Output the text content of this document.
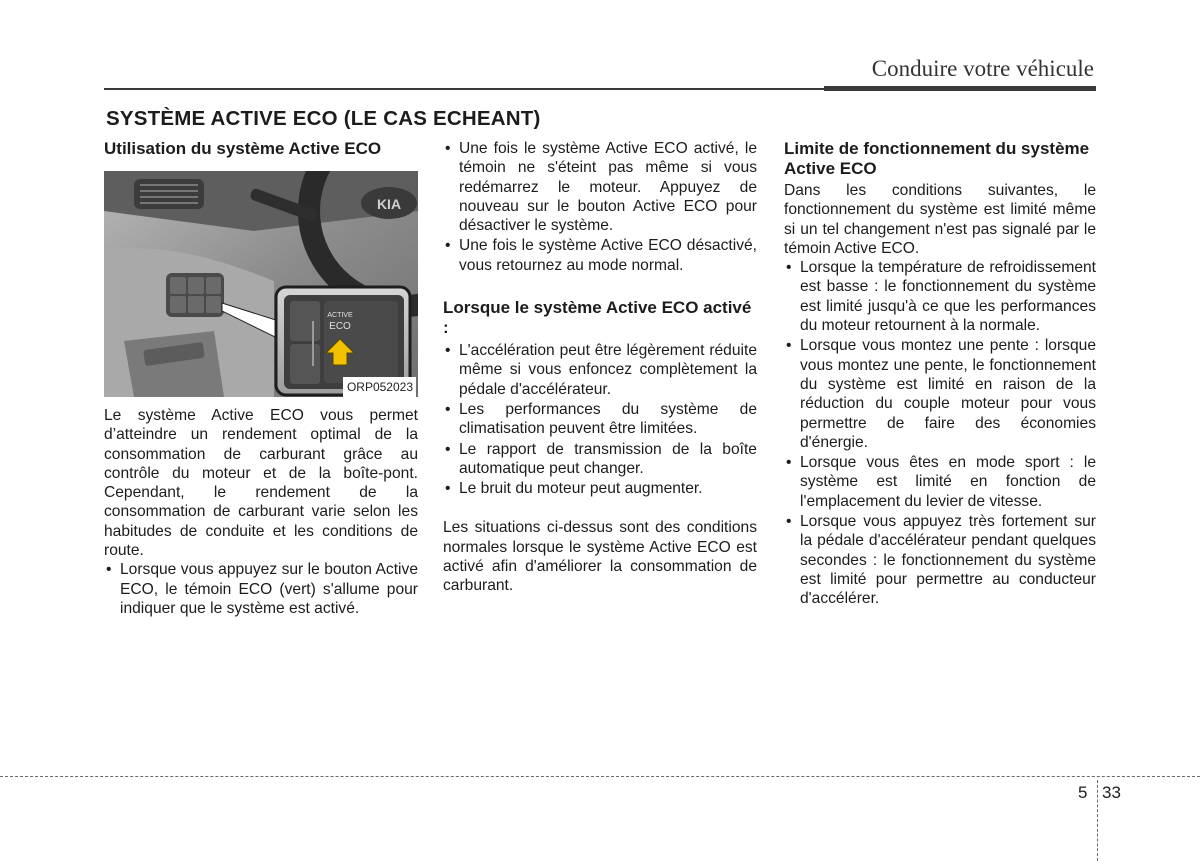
Conduire votre véhicule
SYSTÈME ACTIVE ECO (LE CAS ECHEANT)
Utilisation du système Active ECO
KIA
ACTIVE
ECO
ORP052023

Le système Active ECO vous permet d’atteindre un rendement optimal de la consommation de carburant grâce au contrôle du moteur et de la boîte-pont. Cependant, le rendement de la consommation de carburant varie selon les habitudes de conduite et les conditions de route.

• Lorsque vous appuyez sur le bouton Active ECO, le témoin ECO (vert) s'allume pour indiquer que le système est activé.
• Une fois le système Active ECO activé, le témoin ne s'éteint pas même si vous redémarrez le moteur. Appuyez de nouveau sur le bouton Active ECO pour désactiver le système.
• Une fois le système Active ECO désactivé, vous retournez au mode normal.
Lorsque le système Active ECO activé :
• L'accélération peut être légèrement réduite même si vous enfoncez complètement la pédale d'accélérateur.
• Les performances du système de climatisation peuvent être limitées.
• Le rapport de transmission de la boîte automatique peut changer.
• Le bruit du moteur peut augmenter.

Les situations ci-dessus sont des conditions normales lorsque le système Active ECO est activé afin d'améliorer la consommation de carburant.

Limite de fonctionnement du système Active ECO

Dans les conditions suivantes, le fonctionnement du système est limité même si un tel changement n'est pas signalé par le témoin Active ECO.

• Lorsque la température de refroidissement est basse : le fonctionnement du système est limité jusqu'à ce que les performances du moteur retournent à la normale.
• Lorsque vous montez une pente : lorsque vous montez une pente, le fonctionnement du système est limité en raison de la réduction du couple moteur pour vous permettre de faire des économies d'énergie.
• Lorsque vous êtes en mode sport : le système est limité en fonction de l'emplacement du levier de vitesse.
• Lorsque vous appuyez très fortement sur la pédale d'accélérateur pendant quelques secondes : le fonctionnement du système est limité pour permettre au conducteur d'accélérer.
5 33
